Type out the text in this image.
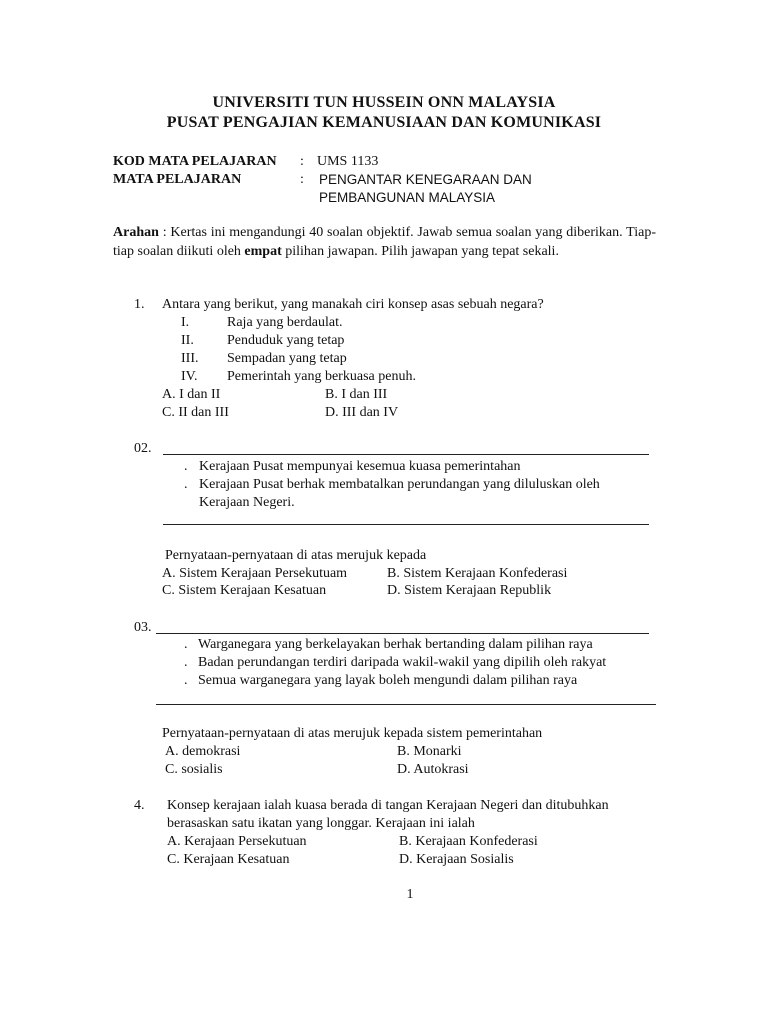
UNIVERSITI TUN HUSSEIN ONN MALAYSIA
PUSAT PENGAJIAN KEMANUSIAAN DAN KOMUNIKASI
KOD MATA PELAJARAN : UMS 1133
MATA PELAJARAN	: PENGANTAR KENEGARAAN DAN
PEMBANGUNAN MALAYSIA
Arahan : Kertas ini mengandungi 40 soalan objektif. Jawab semua soalan yang diberikan. Tiap-tiap soalan diikuti oleh empat pilihan jawapan. Pilih jawapan yang tepat sekali.
1. Antara yang berikut, yang manakah ciri konsep asas sebuah negara?
I.	Raja yang berdaulat.
II. Penduduk yang tetap
III. Sempadan yang tetap
IV. Pemerintah yang berkuasa penuh.
A. I dan II	B. I dan III
C. II dan III	D. III dan IV
02.
. Kerajaan Pusat mempunyai kesemua kuasa pemerintahan
. Kerajaan Pusat berhak membatalkan perundangan yang diluluskan oleh
Kerajaan Negeri.
Pernyataan-pernyataan di atas merujuk kepada
A. Sistem Kerajaan Persekutuam	B. Sistem Kerajaan Konfederasi
C. Sistem Kerajaan Kesatuan	D. Sistem Kerajaan Republik
03.
. Warganegara yang berkelayakan berhak bertanding dalam pilihan raya
. Badan perundangan terdiri daripada wakil-wakil yang dipilih oleh rakyat
. Semua warganegara yang layak boleh mengundi dalam pilihan raya
Pernyataan-pernyataan di atas merujuk kepada sistem pemerintahan
A. demokrasi	B. Monarki
C. sosialis	D. Autokrasi
4. Konsep kerajaan ialah kuasa berada di tangan Kerajaan Negeri dan ditubuhkan
berasaskan satu ikatan yang longgar. Kerajaan ini ialah
A. Kerajaan Persekutuan	B. Kerajaan Konfederasi
C. Kerajaan Kesatuan	D. Kerajaan Sosialis
1
